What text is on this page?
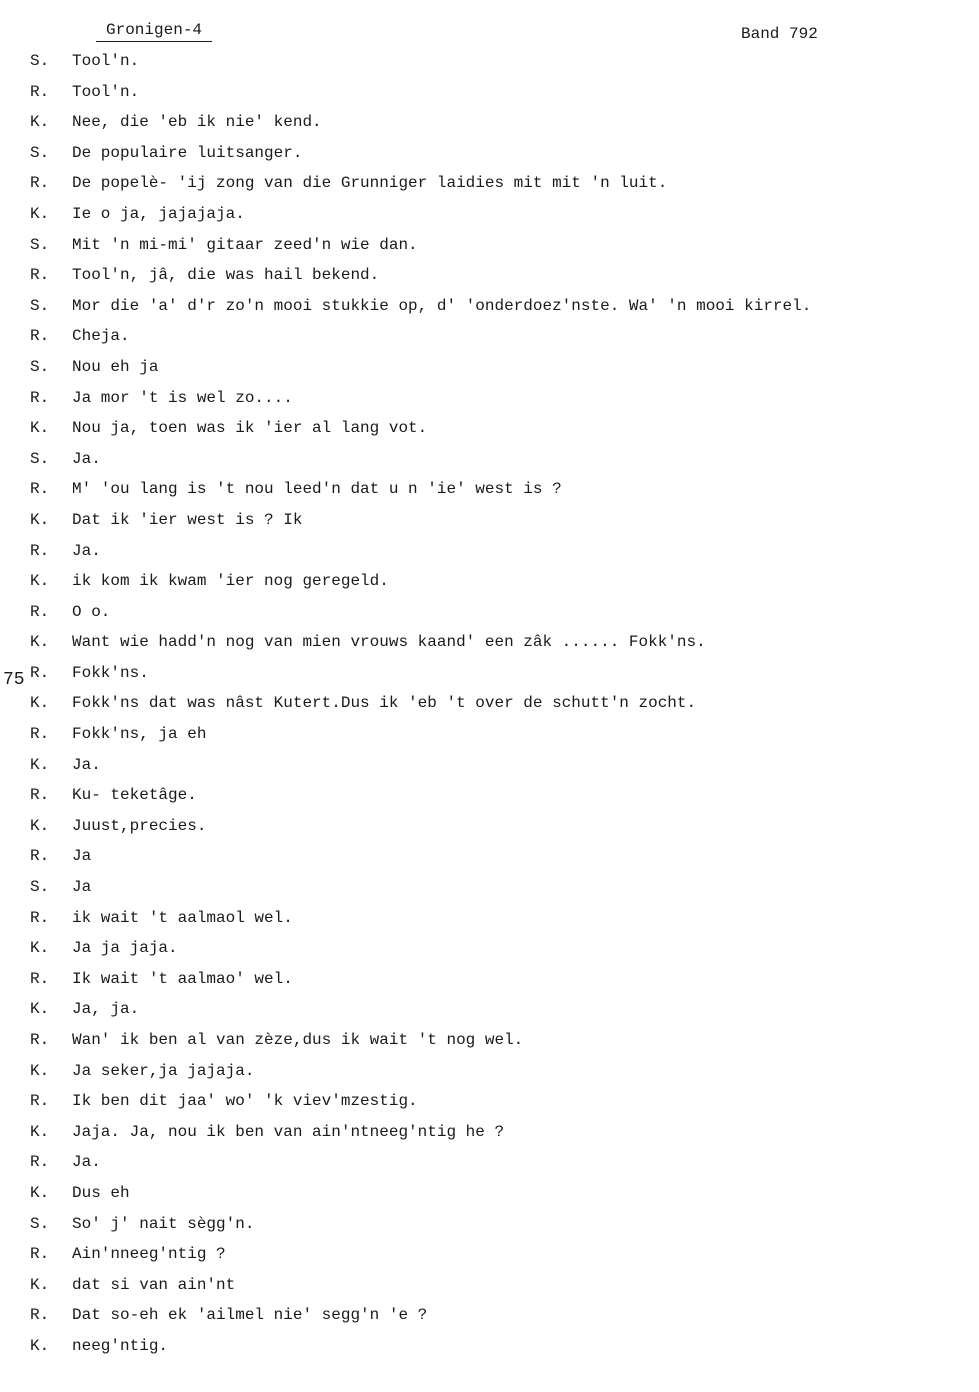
Gronigen-4	Band 792
75
S.	Tool'n.
R.	Tool'n.
K.	Nee, die 'eb ik nie' kend.
S.	De populaire luitsanger.
R.	De popelè- 'ij zong van die Grunniger laidies mit mit 'n luit.
K.	Ie o ja, jajajaja.
S.	Mit 'n mi-mi' gitaar zeed'n wie dan.
R.	Tool'n, jâ, die was hail bekend.
S.	Mor die 'a' d'r zo'n mooi stukkie op, d' 'onderdoez'nste. Wa' 'n mooi kirrel.
R.	Cheja.
S.	Nou eh ja
R.	Ja mor 't is wel zo....
K.	Nou ja, toen was ik 'ier al lang vot.
S.	Ja.
R.	M' 'ou lang is 't nou leed'n dat u n 'ie' west is ?
K.	Dat ik 'ier west is ? Ik
R.	Ja.
K.	ik kom ik kwam 'ier nog geregeld.
R.	O o.
K.	Want wie hadd'n nog van mien vrouws kaand' een zâk ...... Fokk'ns.
R.	Fokk'ns.
K.	Fokk'ns dat was nâst Kutert.Dus ik 'eb 't over de schutt'n zocht.
R.	Fokk'ns, ja eh
K.	Ja.
R.	Ku- teketâge.
K.	Juust,precies.
R.	Ja
S.	Ja
R.	ik wait 't aalmaol wel.
K.	Ja ja jaja.
R.	Ik wait 't aalmao' wel.
K.	Ja, ja.
R.	Wan' ik ben al van zèze,dus ik wait 't nog wel.
K.	Ja seker,ja jajaja.
R.	Ik ben dit jaa' wo' 'k viev'mzestig.
K.	Jaja. Ja, nou ik ben van ain'ntneeg'ntig he ?
R.	Ja.
K.	Dus eh
S.	So' j' nait sègg'n.
R.	Ain'nneeg'ntig ?
K.	dat si van ain'nt
R.	Dat so-eh ek 'ailmel nie' segg'n 'e ?
K.	neeg'ntig.
